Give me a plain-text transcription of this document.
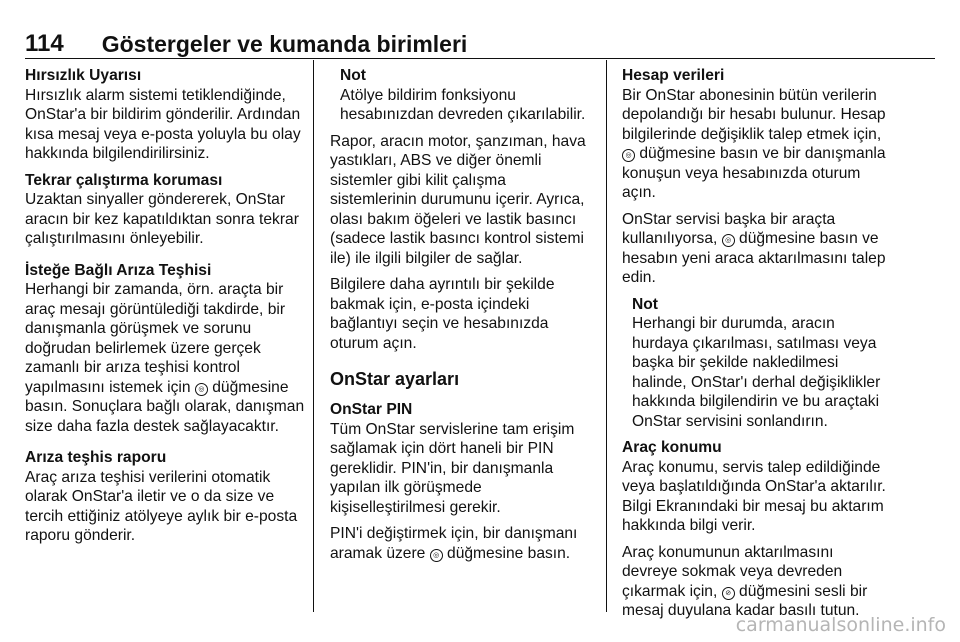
114 Göstergeler ve kumanda birimleri
Hırsızlık Uyarısı
Hırsızlık alarm sistemi tetiklendiğinde, OnStar'a bir bildirim gönderilir. Ardından kısa mesaj veya e-posta yoluyla bu olay hakkında bilgilendirilirsiniz.
Tekrar çalıştırma koruması
Uzaktan sinyaller göndererek, OnStar aracın bir kez kapatıldıktan sonra tekrar çalıştırılmasını önleyebilir.
İsteğe Bağlı Arıza Teşhisi
Herhangi bir zamanda, örn. araçta bir araç mesajı görüntülediği takdirde, bir danışmanla görüşmek ve sorunu doğrudan belirlemek üzere gerçek zamanlı bir arıza teşhisi kontrol yapılmasını istemek için ◎ düğmesine basın. Sonuçlara bağlı olarak, danışman size daha fazla destek sağlayacaktır.
Arıza teşhis raporu
Araç arıza teşhisi verilerini otomatik olarak OnStar'a iletir ve o da size ve tercih ettiğiniz atölyeye aylık bir e-posta raporu gönderir.
Not
Atölye bildirim fonksiyonu hesabınızdan devreden çıkarılabilir.
Rapor, aracın motor, şanzıman, hava yastıkları, ABS ve diğer önemli sistemler gibi kilit çalışma sistemlerinin durumunu içerir. Ayrıca, olası bakım öğeleri ve lastik basıncı (sadece lastik basıncı kontrol sistemi ile) ile ilgili bilgiler de sağlar.
Bilgilere daha ayrıntılı bir şekilde bakmak için, e-posta içindeki bağlantıyı seçin ve hesabınızda oturum açın.
OnStar ayarları
OnStar PIN
Tüm OnStar servislerine tam erişim sağlamak için dört haneli bir PIN gereklidir. PIN'in, bir danışmanla yapılan ilk görüşmede kişiselleştirilmesi gerekir.
PIN'i değiştirmek için, bir danışmanı aramak üzere ◎ düğmesine basın.
Hesap verileri
Bir OnStar abonesinin bütün verilerin depolandığı bir hesabı bulunur. Hesap bilgilerinde değişiklik talep etmek için, ◎ düğmesine basın ve bir danışmanla konuşun veya hesabınızda oturum açın.
OnStar servisi başka bir araçta kullanılıyorsa, ◎ düğmesine basın ve hesabın yeni araca aktarılmasını talep edin.
Not
Herhangi bir durumda, aracın hurdaya çıkarılması, satılması veya başka bir şekilde nakledilmesi halinde, OnStar'ı derhal değişiklikler hakkında bilgilendirin ve bu araçtaki OnStar servisini sonlandırın.
Araç konumu
Araç konumu, servis talep edildiğinde veya başlatıldığında OnStar'a aktarılır. Bilgi Ekranındaki bir mesaj bu aktarım hakkında bilgi verir.
Araç konumunun aktarılmasını devreye sokmak veya devreden çıkarmak için, ⊘ düğmesini sesli bir mesaj duyulana kadar basılı tutun.
carmanualsonline.info
